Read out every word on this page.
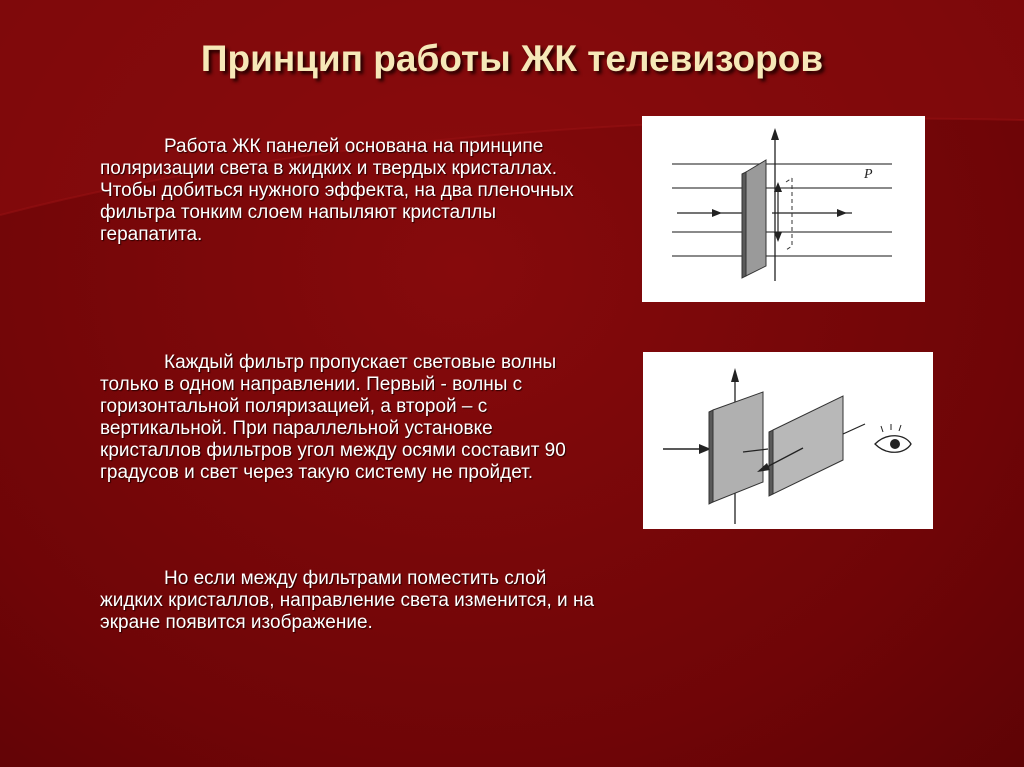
Принцип работы ЖК телевизоров

Работа ЖК панелей основана на принципе поляризации света в жидких и твердых кристаллах. Чтобы добиться нужного эффекта, на два пленочных фильтра тонким слоем напыляют кристаллы герапатита.

Каждый фильтр пропускает световые волны только в одном направлении. Первый - волны с горизонтальной поляризацией, а второй – с вертикальной. При параллельной установке кристаллов фильтров угол между осями составит 90 градусов и свет через такую систему не пройдет.

Но если между фильтрами поместить слой жидких кристаллов, направление света изменится, и на экране появится изображение.

P
